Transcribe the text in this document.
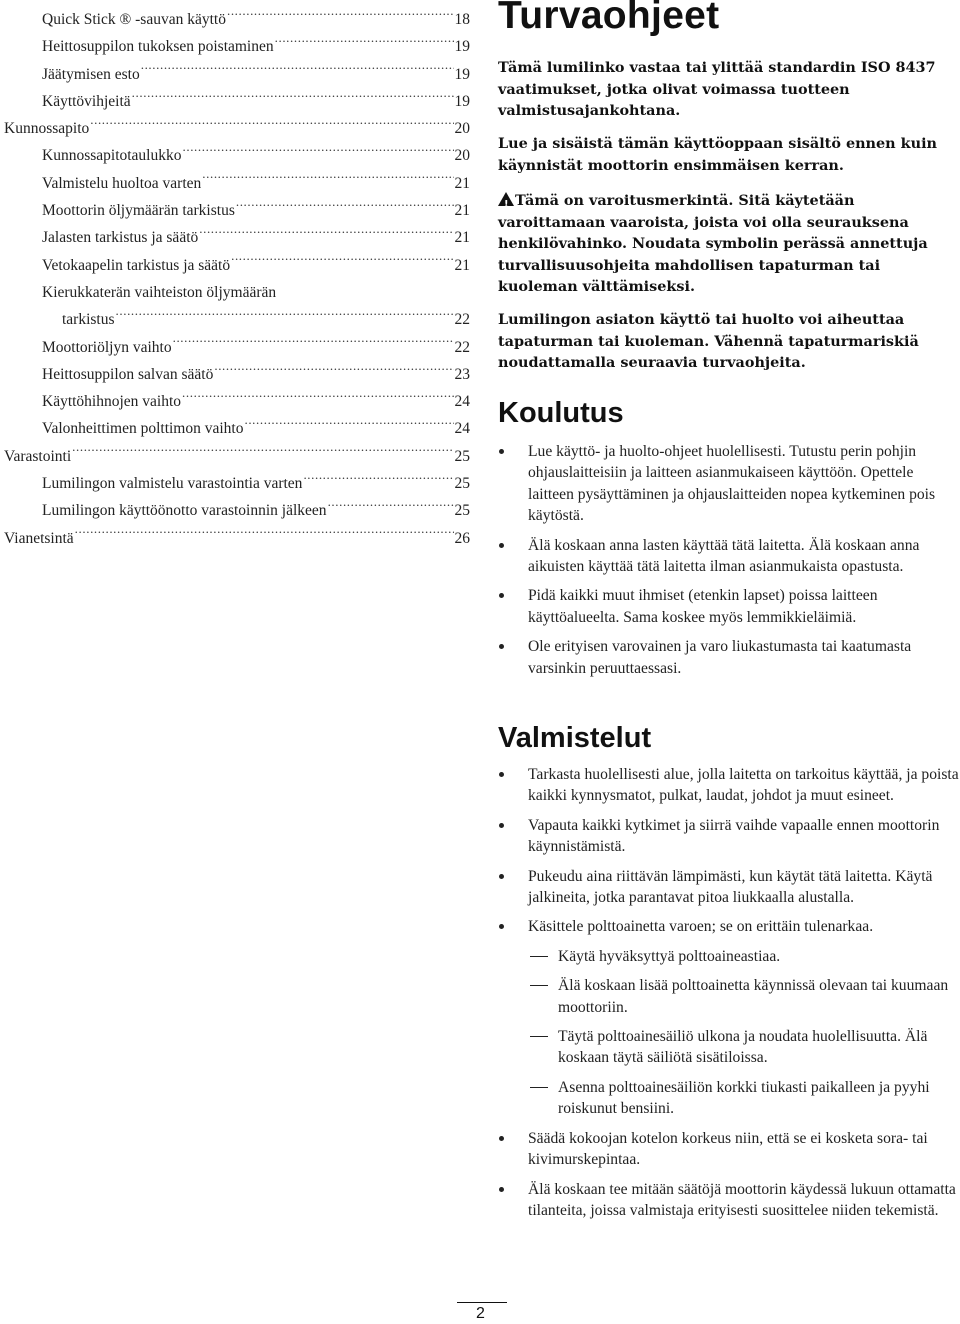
Quick Stick ® -sauvan käyttö .....	18
Heittosuppilon tukoksen poistaminen .....	19
Jäätymisen esto .....	19
Käyttövihjeitä .....	19
Kunnossapito .....	20
Kunnossapitotaulukko .....	20
Valmistelu huoltoa varten .....	21
Moottorin öljymäärän tarkistus .....	21
Jalasten tarkistus ja säätö .....	21
Vetokaapelin tarkistus ja säätö .....	21
Kierukkaterän vaihteiston öljymäärän
tarkistus .....	22
Moottoriöljyn vaihto .....	22
Heittosuppilon salvan säätö .....	23
Käyttöhihnojen vaihto .....	24
Valonheittimen polttimon vaihto .....	24
Varastointi .....	25
Lumilingon valmistelu varastointia varten .....	25
Lumilingon käyttöönotto varastoinnin jälkeen .....	25
Vianetsintä .....	26
Turvaohjeet

Tämä lumilinko vastaa tai ylittää standardin ISO 8437 vaatimukset, jotka olivat voimassa tuotteen valmistusajankohtana.

Lue ja sisäistä tämän käyttöoppaan sisältö ennen kuin käynnistät moottorin ensimmäisen kerran.

!Tämä on varoitusmerkintä. Sitä käytetään varoittamaan vaaroista, joista voi olla seurauksena henkilövahinko. Noudata symbolin perässä annettuja turvallisuusohjeita mahdollisen tapaturman tai kuoleman välttämiseksi.

Lumilingon asiaton käyttö tai huolto voi aiheuttaa tapaturman tai kuoleman. Vähennä tapaturmariskiä noudattamalla seuraavia turvaohjeita.

Koulutus
Lue käyttö- ja huolto-ohjeet huolellisesti. Tutustu perin pohjin ohjauslaitteisiin ja laitteen asianmukaiseen käyttöön. Opettele laitteen pysäyttäminen ja ohjauslaitteiden nopea kytkeminen pois käytöstä.
Älä koskaan anna lasten käyttää tätä laitetta. Älä koskaan anna aikuisten käyttää tätä laitetta ilman asianmukaista opastusta.
Pidä kaikki muut ihmiset (etenkin lapset) poissa laitteen käyttöalueelta. Sama koskee myös lemmikkieläimiä.
Ole erityisen varovainen ja varo liukastumasta tai kaatumasta varsinkin peruuttaessasi.
Valmistelut
Tarkasta huolellisesti alue, jolla laitetta on tarkoitus käyttää, ja poista kaikki kynnysmatot, pulkat, laudat, johdot ja muut esineet.
Vapauta kaikki kytkimet ja siirrä vaihde vapaalle ennen moottorin käynnistämistä.
Pukeudu aina riittävän lämpimästi, kun käytät tätä laitetta. Käytä jalkineita, jotka parantavat pitoa liukkaalla alustalla.
Käsittele polttoainetta varoen; se on erittäin tulenarkaa.
Käytä hyväksyttyä polttoaineastiaa.
Älä koskaan lisää polttoainetta käynnissä olevaan tai kuumaan moottoriin.
Täytä polttoainesäiliö ulkona ja noudata huolellisuutta. Älä koskaan täytä säiliötä sisätiloissa.
Asenna polttoainesäiliön korkki tiukasti paikalleen ja pyyhi roiskunut bensiini.
Säädä kokoojan kotelon korkeus niin, että se ei kosketa sora- tai kivimurskepintaa.
Älä koskaan tee mitään säätöjä moottorin käydessä lukuun ottamatta tilanteita, joissa valmistaja erityisesti suosittelee niiden tekemistä.
2
